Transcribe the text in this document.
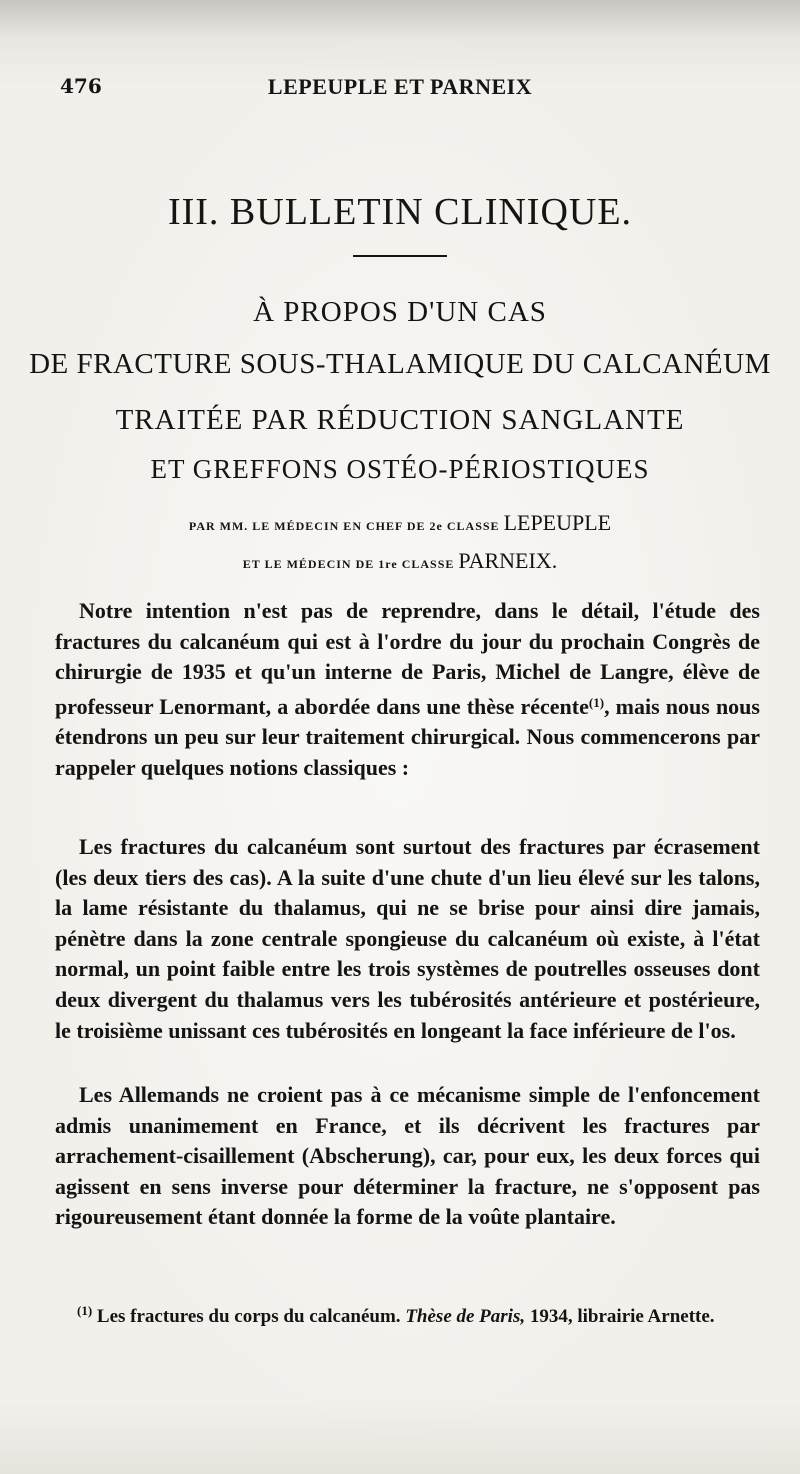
476	LEPEUPLE ET PARNEIX
III. BULLETIN CLINIQUE.
À PROPOS D'UN CAS
DE FRACTURE SOUS-THALAMIQUE DU CALCANÉUM
TRAITÉE PAR RÉDUCTION SANGLANTE
ET GREFFONS OSTÉO-PÉRIOSTIQUES
PAR MM. LE MÉDECIN EN CHEF DE 2e CLASSE LEPEUPLE
ET LE MÉDECIN DE 1re CLASSE PARNEIX.

Notre intention n'est pas de reprendre, dans le détail, l'étude des fractures du calcanéum qui est à l'ordre du jour du prochain Congrès de chirurgie de 1935 et qu'un interne de Paris, Michel de Langre, élève de professeur Lenormant, a abordée dans une thèse récente$^{(1)}$, mais nous nous étendrons un peu sur leur traitement chirurgical. Nous commencerons par rappeler quelques notions classiques :

Les fractures du calcanéum sont surtout des fractures par écrasement (les deux tiers des cas). A la suite d'une chute d'un lieu élevé sur les talons, la lame résistante du thalamus, qui ne se brise pour ainsi dire jamais, pénètre dans la zone centrale spongieuse du calcanéum où existe, à l'état normal, un point faible entre les trois systèmes de poutrelles osseuses dont deux divergent du thalamus vers les tubérosités antérieure et postérieure, le troisième unissant ces tubérosités en longeant la face inférieure de l'os.

Les Allemands ne croient pas à ce mécanisme simple de l'enfoncement admis unanimement en France, et ils décrivent les fractures par arrachement-cisaillement (Abscherung), car, pour eux, les deux forces qui agissent en sens inverse pour déterminer la fracture, ne s'opposent pas rigoureusement étant donnée la forme de la voûte plantaire.

$^{(1)}$ Les fractures du corps du calcanéum. Thèse de Paris, 1934, librairie Arnette.
